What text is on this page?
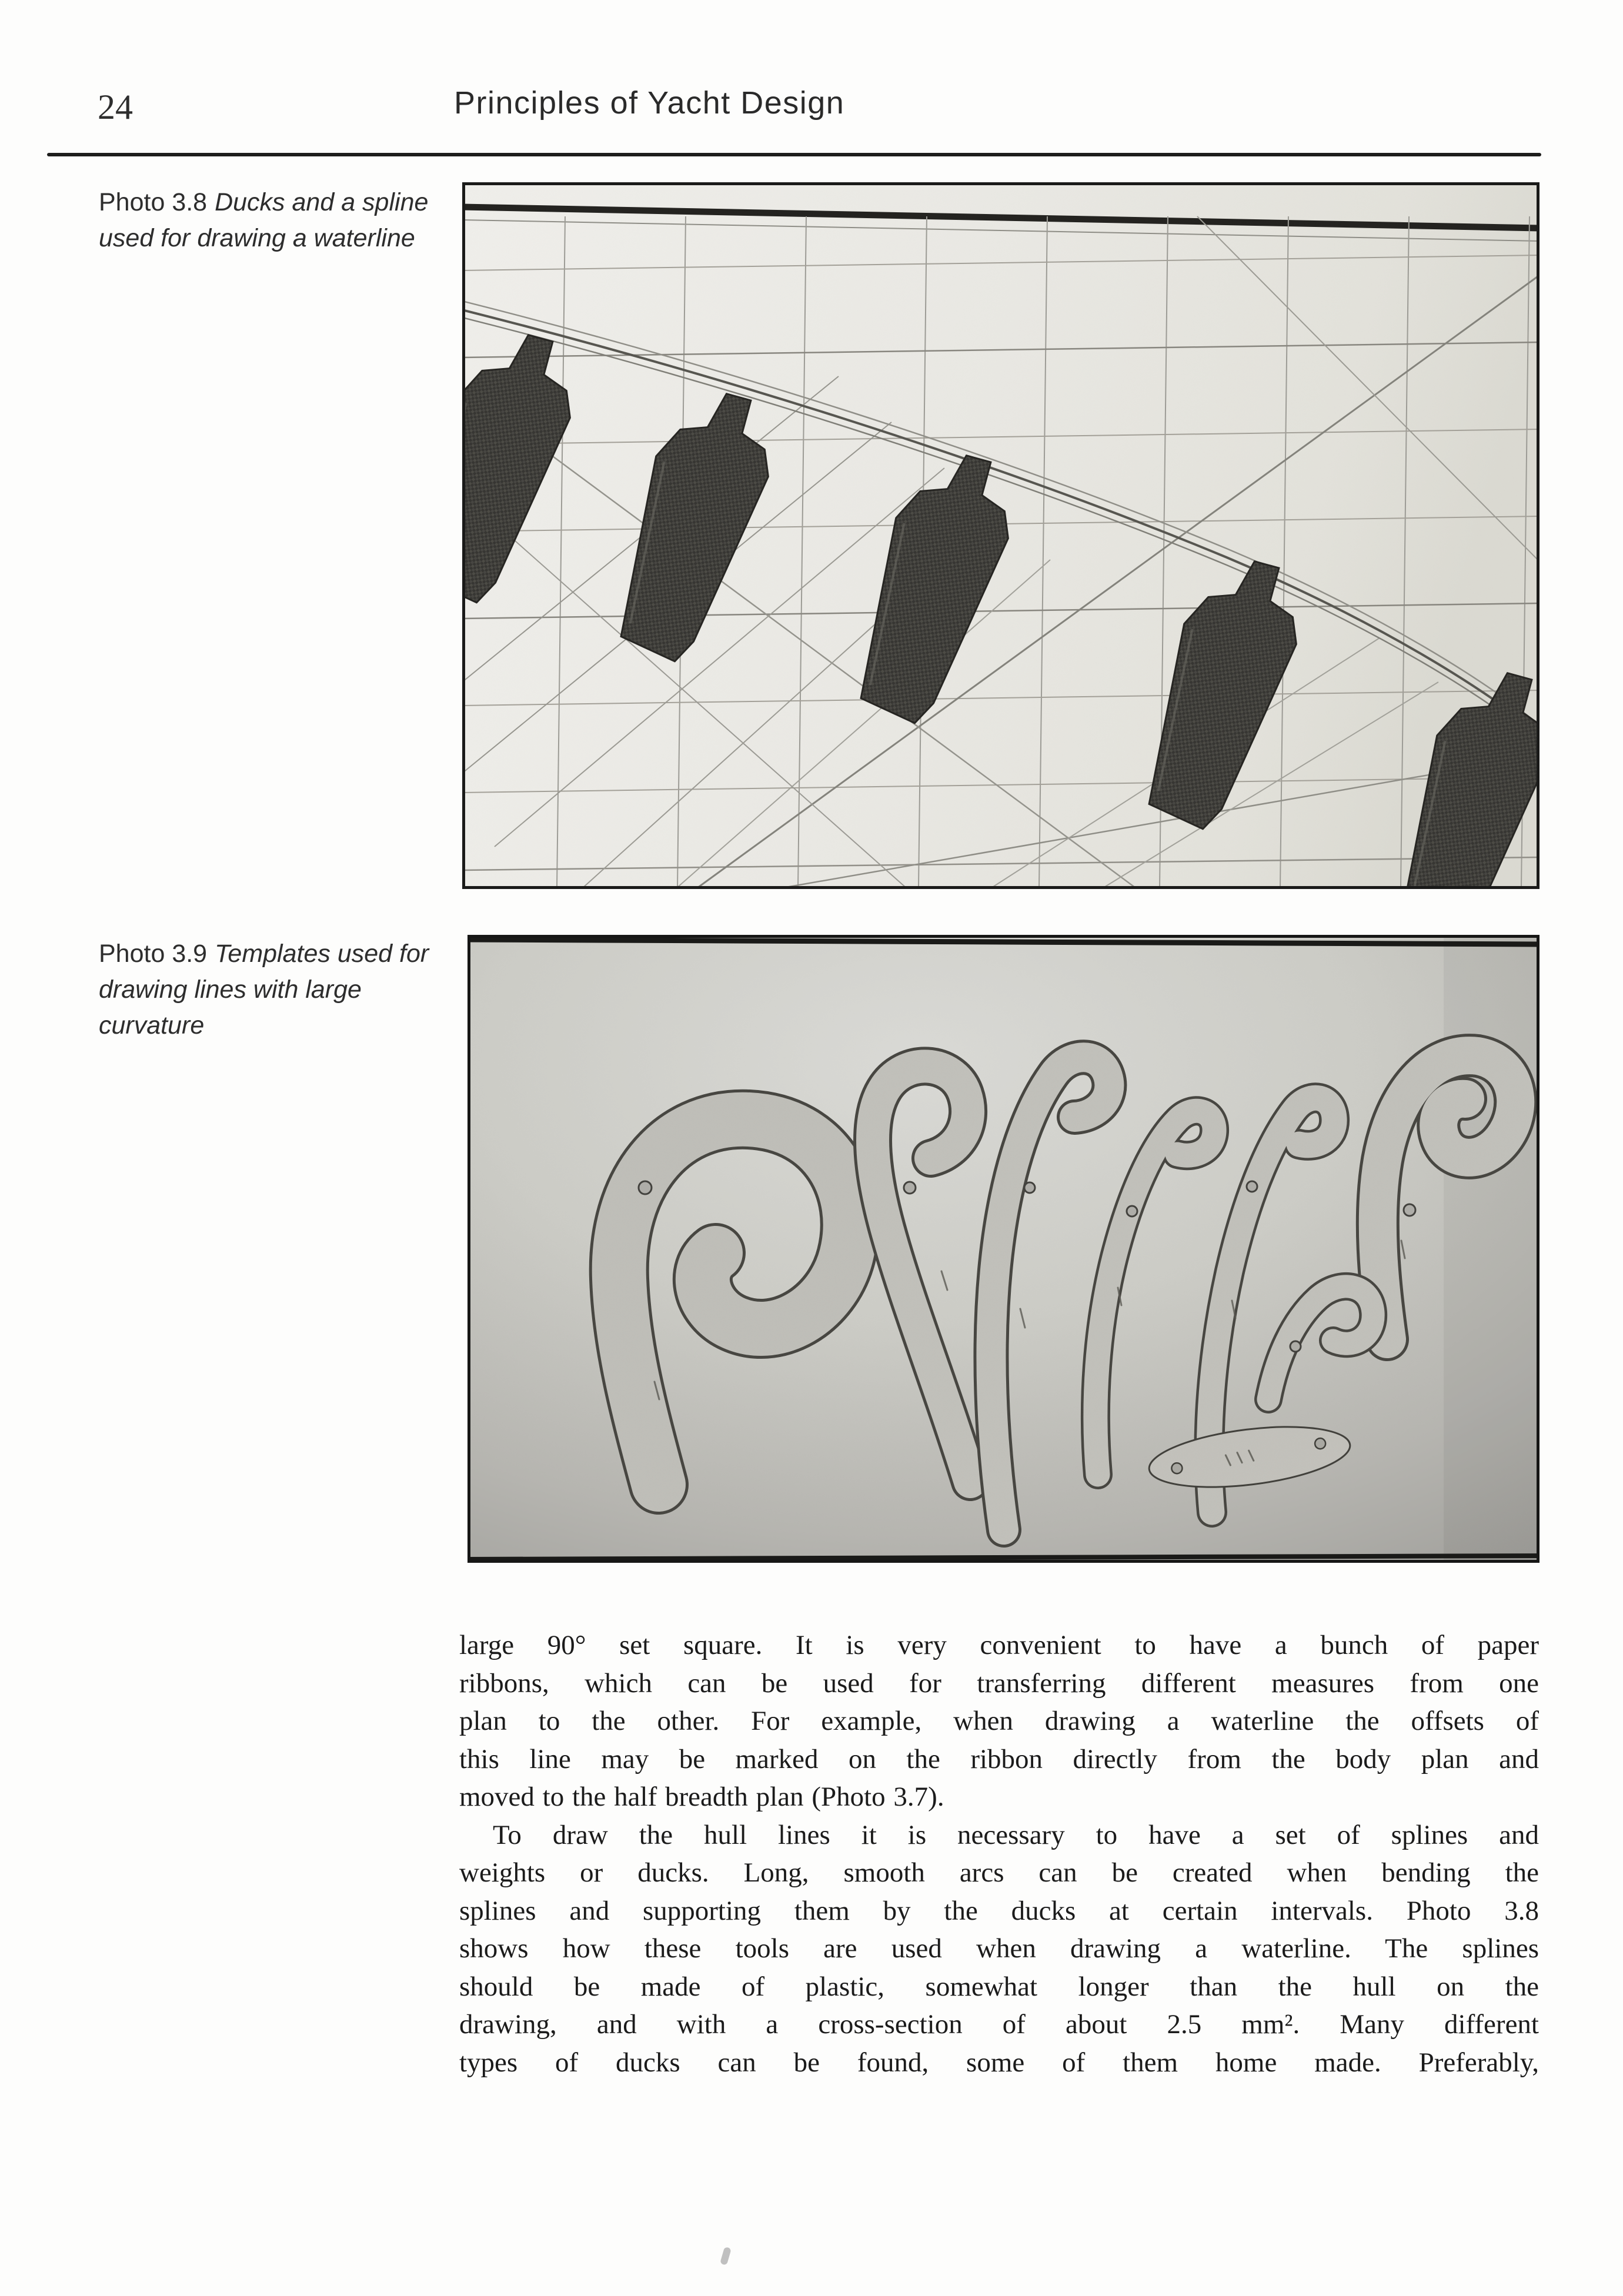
24	Principles of Yacht Design
Photo 3.8 Ducks and a spline used for drawing a waterline
Photo 3.9 Templates used for drawing lines with large curvature
large 90° set square. It is very convenient to have a bunch of paper
ribbons, which can be used for transferring different measures from one
plan to the other. For example, when drawing a waterline the offsets of
this line may be marked on the ribbon directly from the body plan and
moved to the half breadth plan (Photo 3.7).
To draw the hull lines it is necessary to have a set of splines and
weights or ducks. Long, smooth arcs can be created when bending the
splines and supporting them by the ducks at certain intervals. Photo 3.8
shows how these tools are used when drawing a waterline. The splines
should be made of plastic, somewhat longer than the hull on the
drawing, and with a cross-section of about 2.5 mm². Many different
types of ducks can be found, some of them home made. Preferably,
